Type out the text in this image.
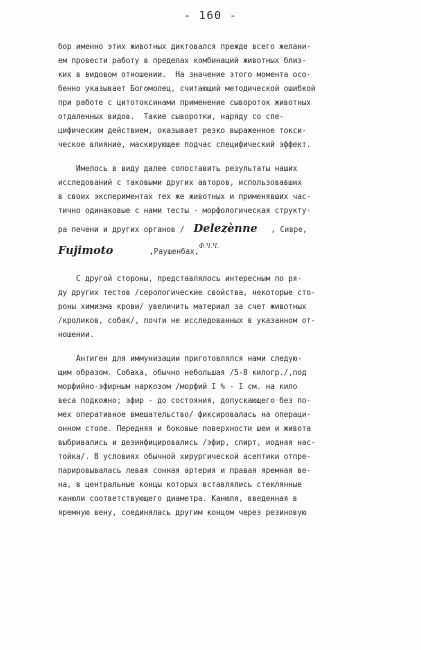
- 160 -
бор именно этих животных диктовался прежде всего желани-
ем провести работу в пределах комбинаций животных близ-
ких в видовом отношении.  На значение этого момента осо-
бенно указывает Богомолец, считающий методической ошибкой
при работе с цитотоксинами применение сывороток животных
отдаленных видов.  Такие сыворотки, наряду со спе-
цифическим действием, оказывает резко выраженное токси-
ческое влияние, маскирующее подчас специфический эффект.
Имелось в виду далее сопоставить результаты наших
исследований с таковыми других авторов, использовавших
в своих экспериментах тех же животных и применявших час-
тично одинаковые с нами тесты - морфологическая структу-
ра печени и других органов / Delezènne , Сивре,
Fujimoto	,Раушенбах,$^{Ф.Ч.Ч.}$
С другой стороны, представлялось интересным по ря-
ду других тестов /серологические свойства, некоторые сто-
роны химизма крови/ увеличить материал за счет животных
/кроликов, собак/, почти не исследованных в указанном от-
ношении.
Антиген для иммунизации приготовлялся нами следую-
щим образом. Собака, обычно небольшая /5-8 килогр./,под
морфийно-эфирным наркозом /морфий I % - I см. на кило
веса подкожно; эфир - до состояния, допускающего без по-
мех оперативное вмешательство/ фиксировалась на операци-
онном столе. Передняя и боковые поверхности шеи и живота
выбривались и дезинфицировались /эфир, спирт, иодная нас-
тойка/. В условиях обычной хирургической асептики отпре-
парировывалась левая сонная артерия и правая яремная ве-
на, в центральные концы которых вставлялись стеклянные
канюли соответствующего диаметра. Канюля, введенная в
яремную вену, соединялась другим концом через резиновую
